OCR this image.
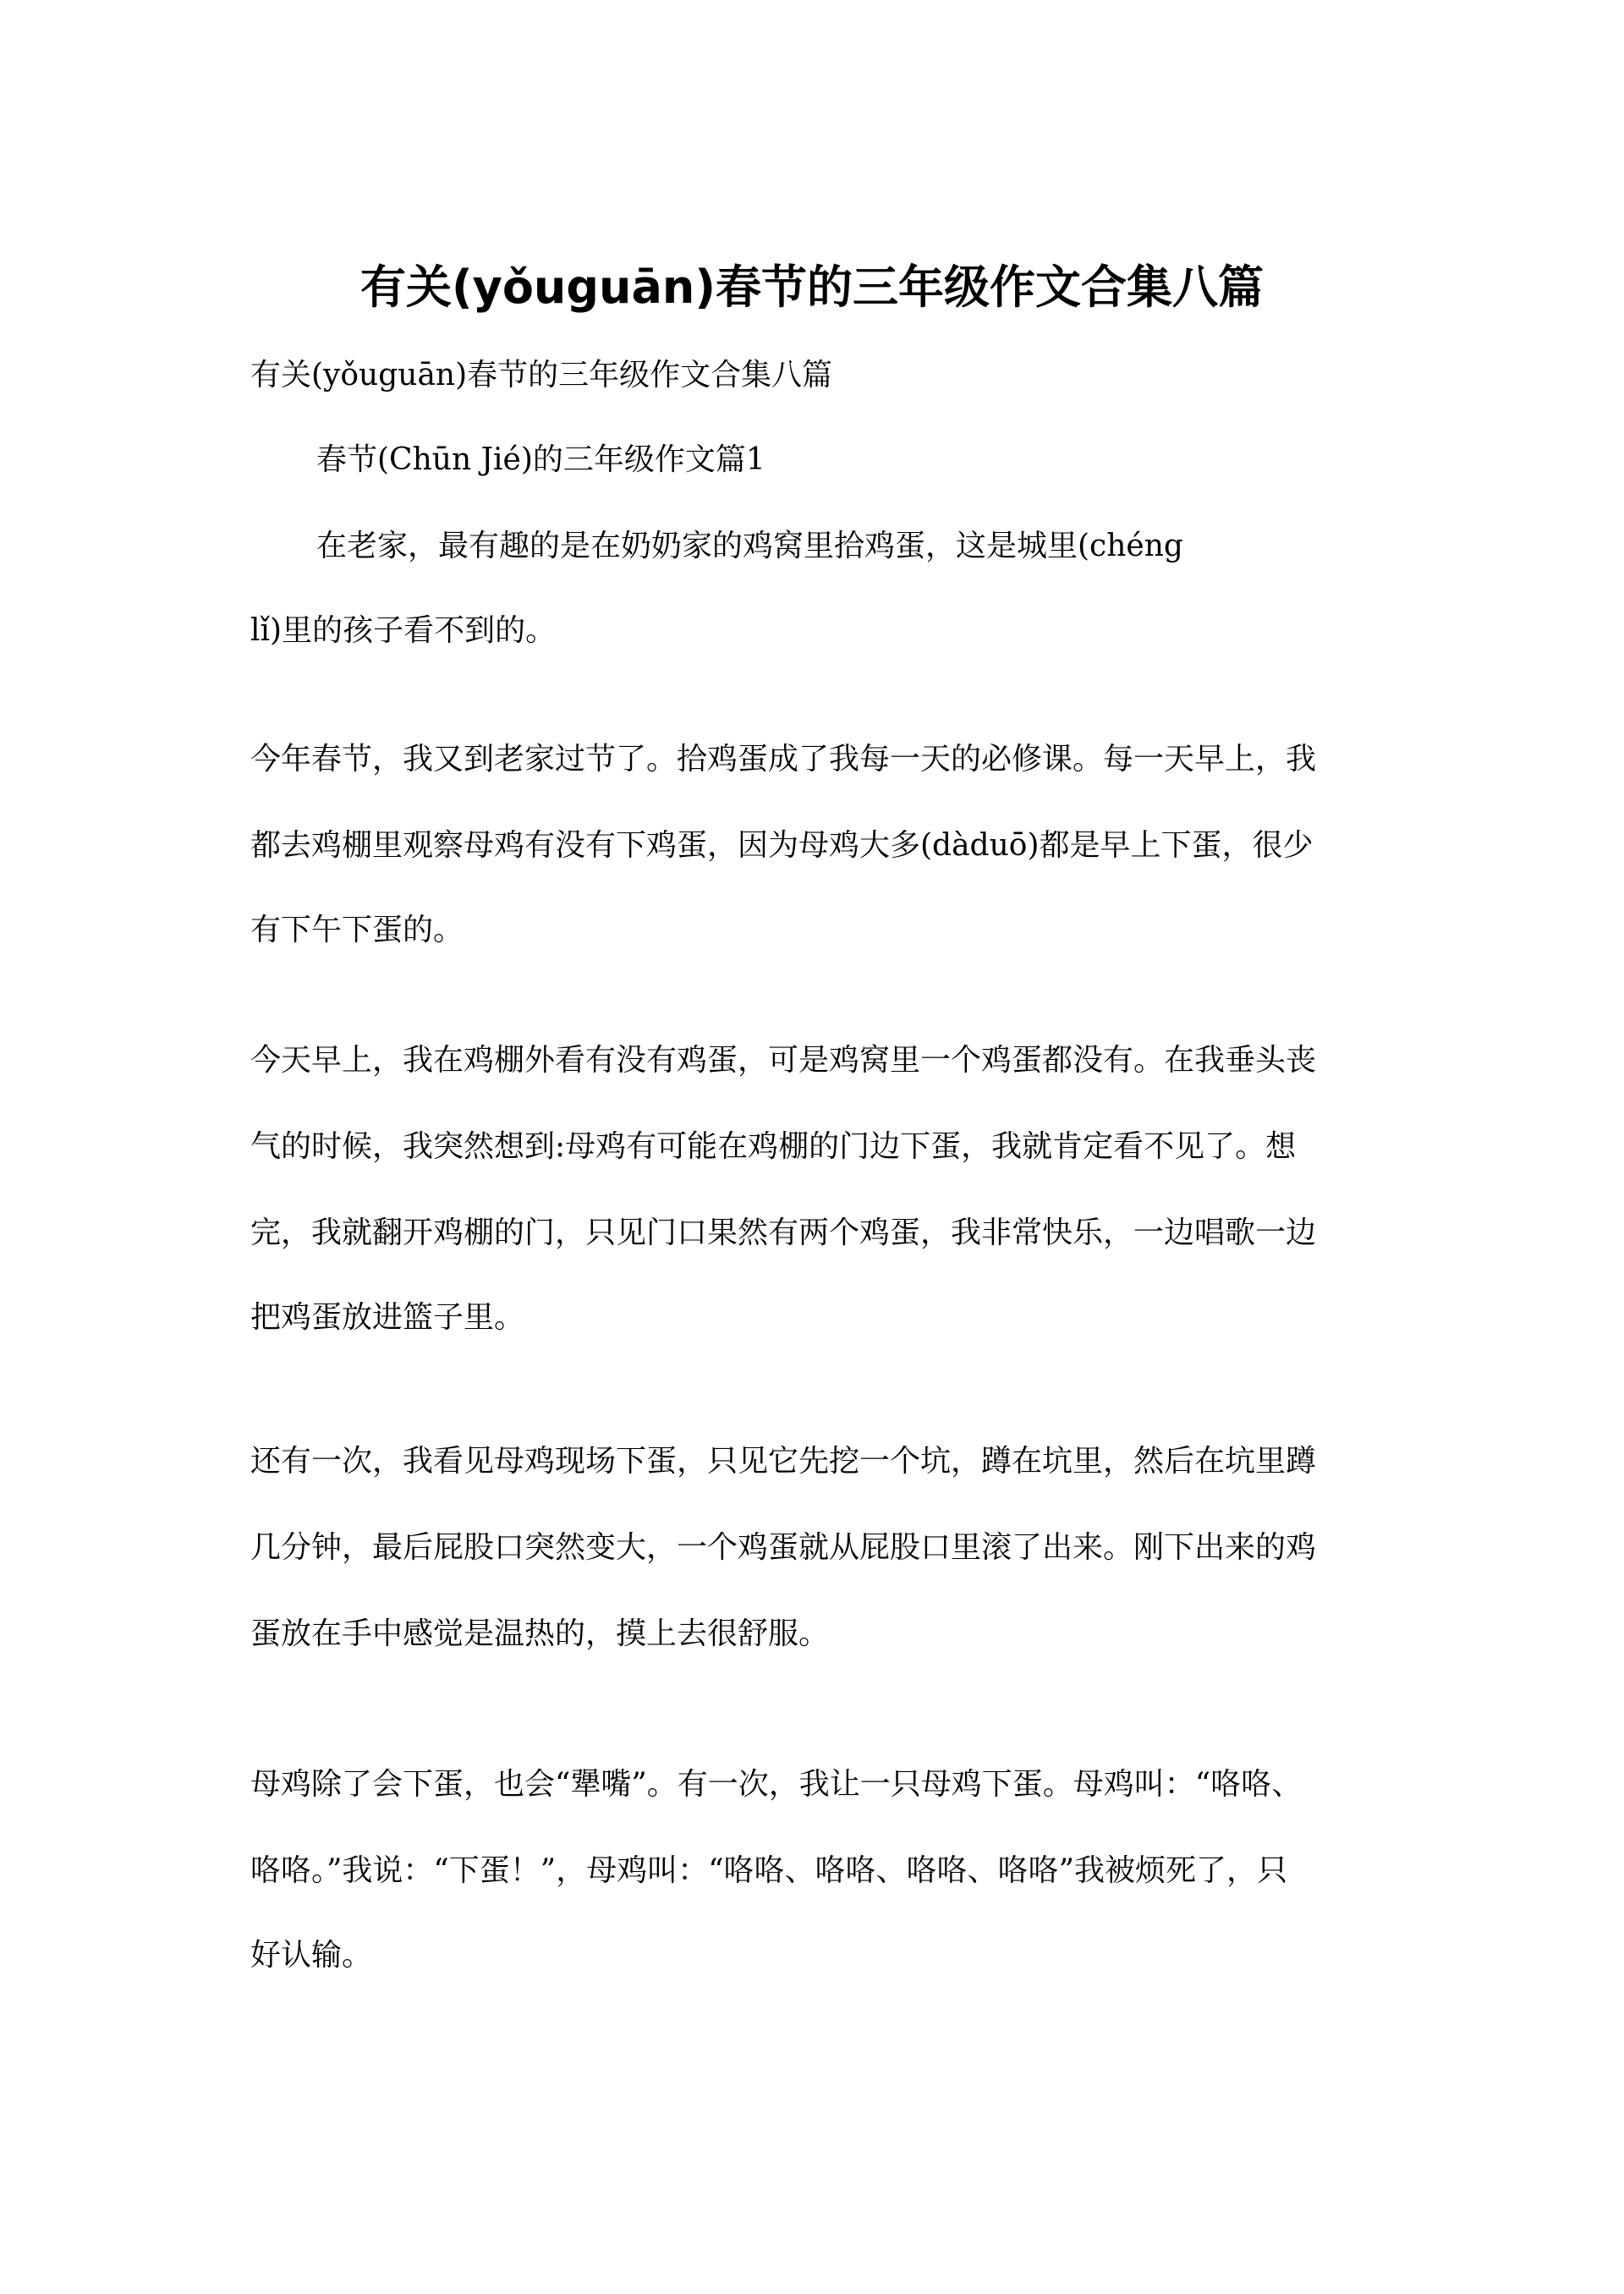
有关(yǒuguān)春节的三年级作文合集八篇

有关(yǒuguān)春节的三年级作文合集八篇

春节(Chūn Jié)的三年级作文篇1

在老家，最有趣的是在奶奶家的鸡窝里拾鸡蛋，这是城里(chéng

lǐ)里的孩子看不到的。

今年春节，我又到老家过节了。拾鸡蛋成了我每一天的必修课。每一天早上，我

都去鸡棚里观察母鸡有没有下鸡蛋，因为母鸡大多(dàduō)都是早上下蛋，很少

有下午下蛋的。

今天早上，我在鸡棚外看有没有鸡蛋，可是鸡窝里一个鸡蛋都没有。在我垂头丧

气的时候，我突然想到:母鸡有可能在鸡棚的门边下蛋，我就肯定看不见了。想

完，我就翻开鸡棚的门，只见门口果然有两个鸡蛋，我非常快乐，一边唱歌一边

把鸡蛋放进篮子里。

还有一次，我看见母鸡现场下蛋，只见它先挖一个坑，蹲在坑里，然后在坑里蹲

几分钟，最后屁股口突然变大，一个鸡蛋就从屁股口里滚了出来。刚下出来的鸡

蛋放在手中感觉是温热的，摸上去很舒服。

母鸡除了会下蛋，也会“犟嘴”。有一次，我让一只母鸡下蛋。母鸡叫：“咯咯、

咯咯。”我说：“下蛋！”，母鸡叫：“咯咯、咯咯、咯咯、咯咯”我被烦死了，只

好认输。
